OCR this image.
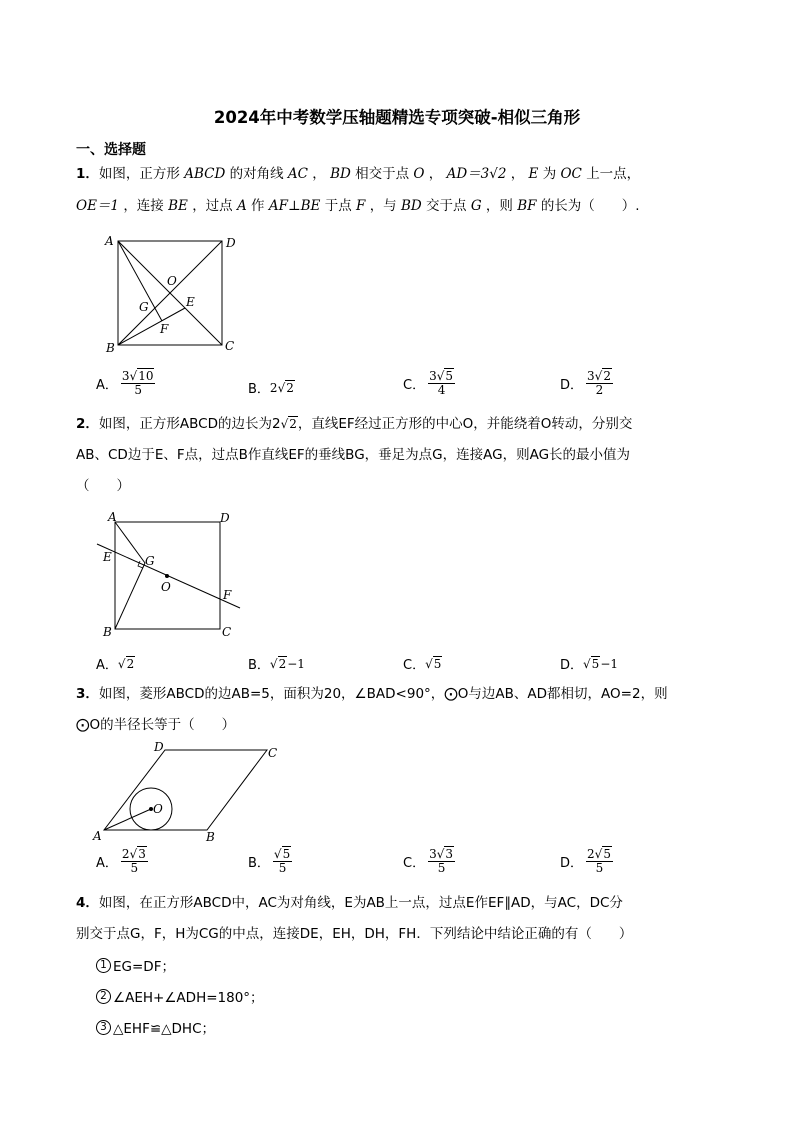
2024年中考数学压轴题精选专项突破-相似三角形
一、选择题
1．如图，正方形 ABCD 的对角线 AC ， BD 相交于点 O ， AD＝3√2 ， E 为 OC 上一点，
OE＝1 ，连接 BE ，过点 A 作 AF⊥BE 于点 F ，与 BD 交于点 G ，则 BF 的长为（　　）.
A	D
B	C
O
E
G
F
A． $\frac{3√10}{5}$	B． 2√2	C． $\frac{3√5}{4}$	D． $\frac{3√2}{2}$
2．如图，正方形ABCD的边长为2√2，直线EF经过正方形的中心O，并能绕着O转动，分别交
AB、CD边于E、F点，过点B作直线EF的垂线BG，垂足为点G，连接AG，则AG长的最小值为
（　　）
A	D
E	G
O
F
B	C
A． √2	B． √2−1	C． √5	D． √5−1
3．如图，菱形ABCD的边AB=5，面积为20，∠BAD<90°，⨀O与边AB、AD都相切，AO=2，则
⨀O的半径长等于（　　）
D	C
O
A	B
A． $\frac{2√3}{5}$	B． $\frac{√5}{5}$	C． $\frac{3√3}{5}$	D． $\frac{2√5}{5}$
4．如图，在正方形ABCD中，AC为对角线，E为AB上一点，过点E作EF∥AD，与AC，DC分
别交于点G，F，H为CG的中点，连接DE，EH，DH，FH．下列结论中结论正确的有（　　）
1 EG=DF；
2 ∠AEH+∠ADH=180°；
3 △EHF≌△DHC；
